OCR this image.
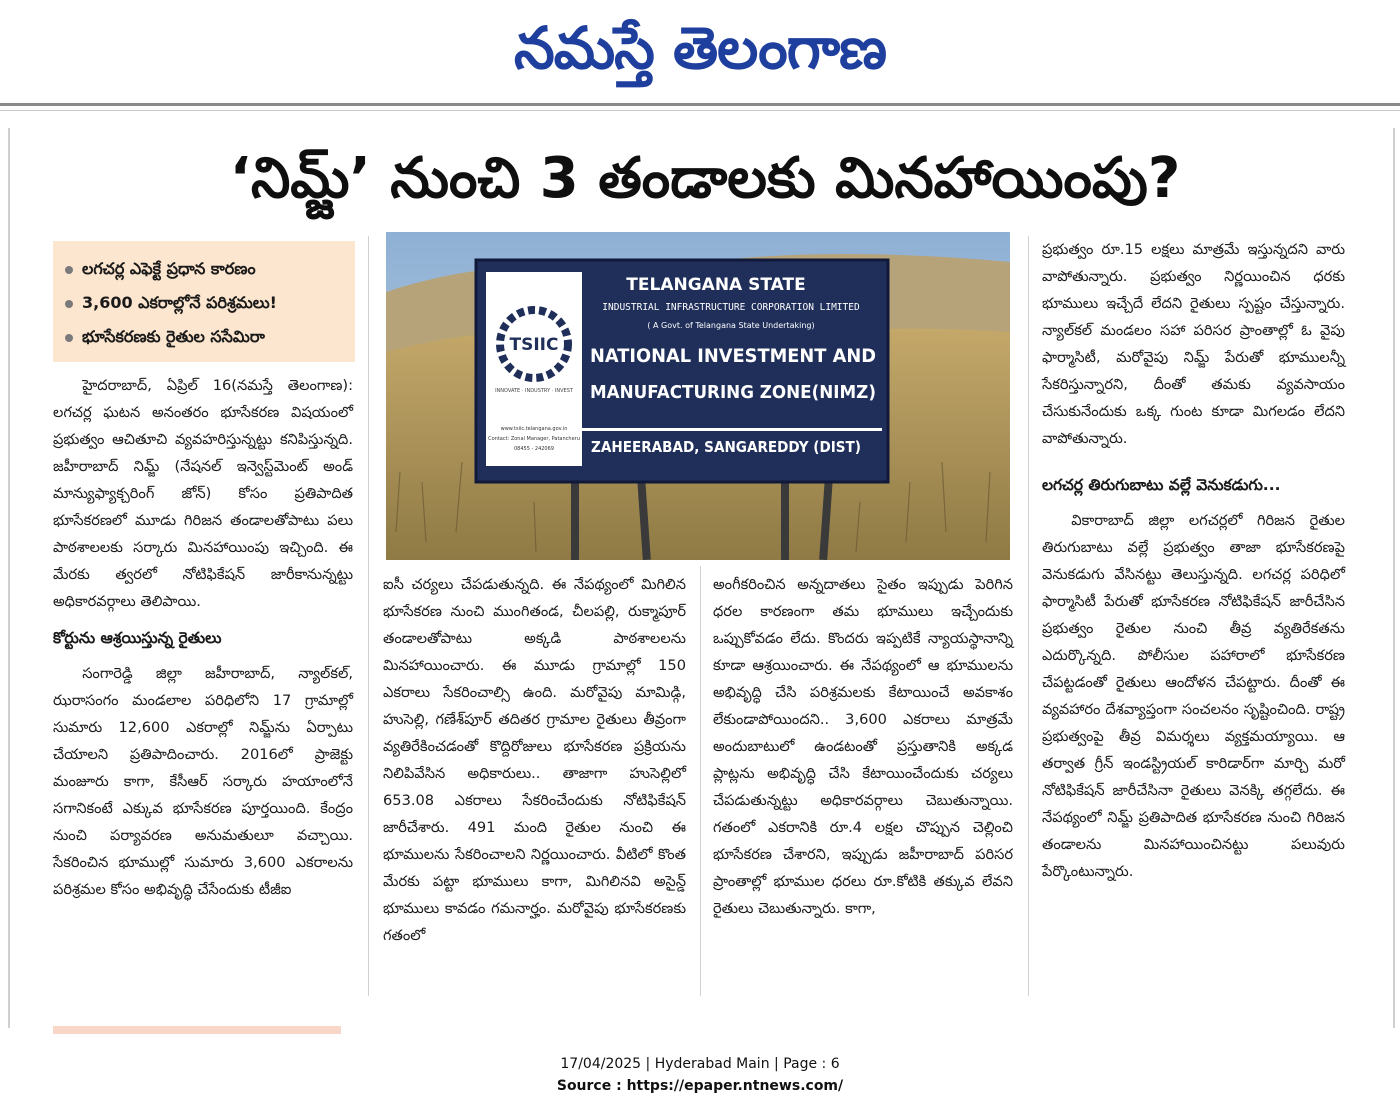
నమస్తే తెలంగాణ
‘నిమ్జ్’ నుంచి 3 తండాలకు మినహాయింపు?
లగచర్ల ఎఫెక్టే ప్రధాన కారణం
3,600 ఎకరాల్లోనే పరిశ్రమలు!
భూసేకరణకు రైతుల ససేమిరా

హైదరాబాద్, ఏప్రిల్ 16(నమస్తే తెలంగాణ): లగచర్ల ఘటన అనంతరం భూసేకరణ విషయంలో ప్రభుత్వం ఆచితూచి వ్యవహరిస్తున్నట్టు కనిపిస్తున్నది. జహీరాబాద్ నిమ్జ్ (నేషనల్ ఇన్వెస్ట్‌మెంట్ అండ్ మాన్యుఫ్యాక్చరింగ్ జోన్) కోసం ప్రతిపాదిత భూసేకరణలో మూడు గిరిజన తండాలతోపాటు పలు పాఠశాలలకు సర్కారు మినహాయింపు ఇచ్చింది. ఈ మేరకు త్వరలో నోటిఫికేషన్ జారీకానున్నట్టు అధికారవర్గాలు తెలిపాయి.

కోర్టును ఆశ్రయిస్తున్న రైతులు

సంగారెడ్డి జిల్లా జహీరాబాద్, న్యాల్‌కల్, ఝరాసంగం మండలాల పరిధిలోని 17 గ్రామాల్లో సుమారు 12,600 ఎకరాల్లో నిమ్జ్‌ను ఏర్పాటు చేయాలని ప్రతిపాదించారు. 2016లో ప్రాజెక్టు మంజూరు కాగా, కేసీఆర్ సర్కారు హయాంలోనే సగానికంటే ఎక్కువ భూసేకరణ పూర్తయింది. కేంద్రం నుంచి పర్యావరణ అనుమతులూ వచ్చాయి. సేకరించిన భూముల్లో సుమారు 3,600 ఎకరాలను పరిశ్రమల కోసం అభివృద్ధి చేసేందుకు టీజీఐ

TSIIC
INNOVATE · INDUSTRY · INVEST
www.tsiic.telangana.gov.in
Contact: Zonal Manager, Patancheru
08455 - 242069
TELANGANA STATE
INDUSTRIAL INFRASTRUCTURE CORPORATION LIMITED
( A Govt. of Telangana State Undertaking)
NATIONAL INVESTMENT AND
MANUFACTURING ZONE(NIMZ)
ZAHEERABAD, SANGAREDDY (DIST)

ఐసీ చర్యలు చేపడుతున్నది. ఈ నేపథ్యంలో మిగిలిన భూసేకరణ నుంచి ముంగితండ, చీలపల్లి, రుక్మాపూర్ తండాలతోపాటు అక్కడి పాఠశాలలను మినహాయించారు. ఈ మూడు గ్రామాల్లో 150 ఎకరాలు సేకరించాల్సి ఉంది. మరోవైపు మామిడ్గి, హుసెల్లి, గణేశ్‌పూర్ తదితర గ్రామాల రైతులు తీవ్రంగా వ్యతిరేకించడంతో కొద్దిరోజులు భూసేకరణ ప్రక్రియను నిలిపివేసిన అధికారులు.. తాజాగా హుసెల్లిలో 653.08 ఎకరాలు సేకరించేందుకు నోటిఫికేషన్ జారీచేశారు. 491 మంది రైతుల నుంచి ఈ భూములను సేకరించాలని నిర్ణయించారు. వీటిలో కొంత మేరకు పట్టా భూములు కాగా, మిగిలినవి అసైన్డ్ భూములు కావడం గమనార్హం. మరోవైపు భూసేకరణకు గతంలో

అంగీకరించిన అన్నదాతలు సైతం ఇప్పుడు పెరిగిన ధరల కారణంగా తమ భూములు ఇచ్చేందుకు ఒప్పుకోవడం లేదు. కొందరు ఇప్పటికే న్యాయస్థానాన్ని కూడా ఆశ్రయించారు. ఈ నేపథ్యంలో ఆ భూములను అభివృద్ధి చేసి పరిశ్రమలకు కేటాయించే అవకాశం లేకుండాపోయిందని.. 3,600 ఎకరాలు మాత్రమే అందుబాటులో ఉండటంతో ప్రస్తుతానికి అక్కడ ప్లాట్లను అభివృద్ధి చేసి కేటాయించేందుకు చర్యలు చేపడుతున్నట్టు అధికారవర్గాలు చెబుతున్నాయి. గతంలో ఎకరానికి రూ.4 లక్షల చొప్పున చెల్లించి భూసేకరణ చేశారని, ఇప్పుడు జహీరాబాద్ పరిసర ప్రాంతాల్లో భూముల ధరలు రూ.కోటికి తక్కువ లేవని రైతులు చెబుతున్నారు. కాగా,

ప్రభుత్వం రూ.15 లక్షలు మాత్రమే ఇస్తున్నదని వారు వాపోతున్నారు. ప్రభుత్వం నిర్ణయించిన ధరకు భూములు ఇచ్చేదే లేదని రైతులు స్పష్టం చేస్తున్నారు. న్యాల్‌కల్ మండలం సహా పరిసర ప్రాంతాల్లో ఓ వైపు ఫార్మాసిటీ, మరోవైపు నిమ్జ్ పేరుతో భూములన్నీ సేకరిస్తున్నారని, దీంతో తమకు వ్యవసాయం చేసుకునేందుకు ఒక్క గుంట కూడా మిగలడం లేదని వాపోతున్నారు.

లగచర్ల తిరుగుబాటు వల్లే వెనుకడుగు...

వికారాబాద్ జిల్లా లగచర్లలో గిరిజన రైతుల తిరుగుబాటు వల్లే ప్రభుత్వం తాజా భూసేకరణపై వెనుకడుగు వేసినట్టు తెలుస్తున్నది. లగచర్ల పరిధిలో ఫార్మాసిటీ పేరుతో భూసేకరణ నోటిఫికేషన్ జారీచేసిన ప్రభుత్వం రైతుల నుంచి తీవ్ర వ్యతిరేకతను ఎదుర్కొన్నది. పోలీసుల పహారాలో భూసేకరణ చేపట్టడంతో రైతులు ఆందోళన చేపట్టారు. దీంతో ఈ వ్యవహారం దేశవ్యాప్తంగా సంచలనం సృష్టించింది. రాష్ట్ర ప్రభుత్వంపై తీవ్ర విమర్శలు వ్యక్తమయ్యాయి. ఆ తర్వాత గ్రీన్ ఇండస్ట్రియల్ కారిడార్‌గా మార్చి మరో నోటిఫికేషన్ జారీచేసినా రైతులు వెనక్కి తగ్గలేదు. ఈ నేపథ్యంలో నిమ్జ్ ప్రతిపాదిత భూసేకరణ నుంచి గిరిజన తండాలను మినహాయించినట్టు పలువురు పేర్కొంటున్నారు.

17/04/2025 | Hyderabad Main | Page : 6
Source : https://epaper.ntnews.com/
